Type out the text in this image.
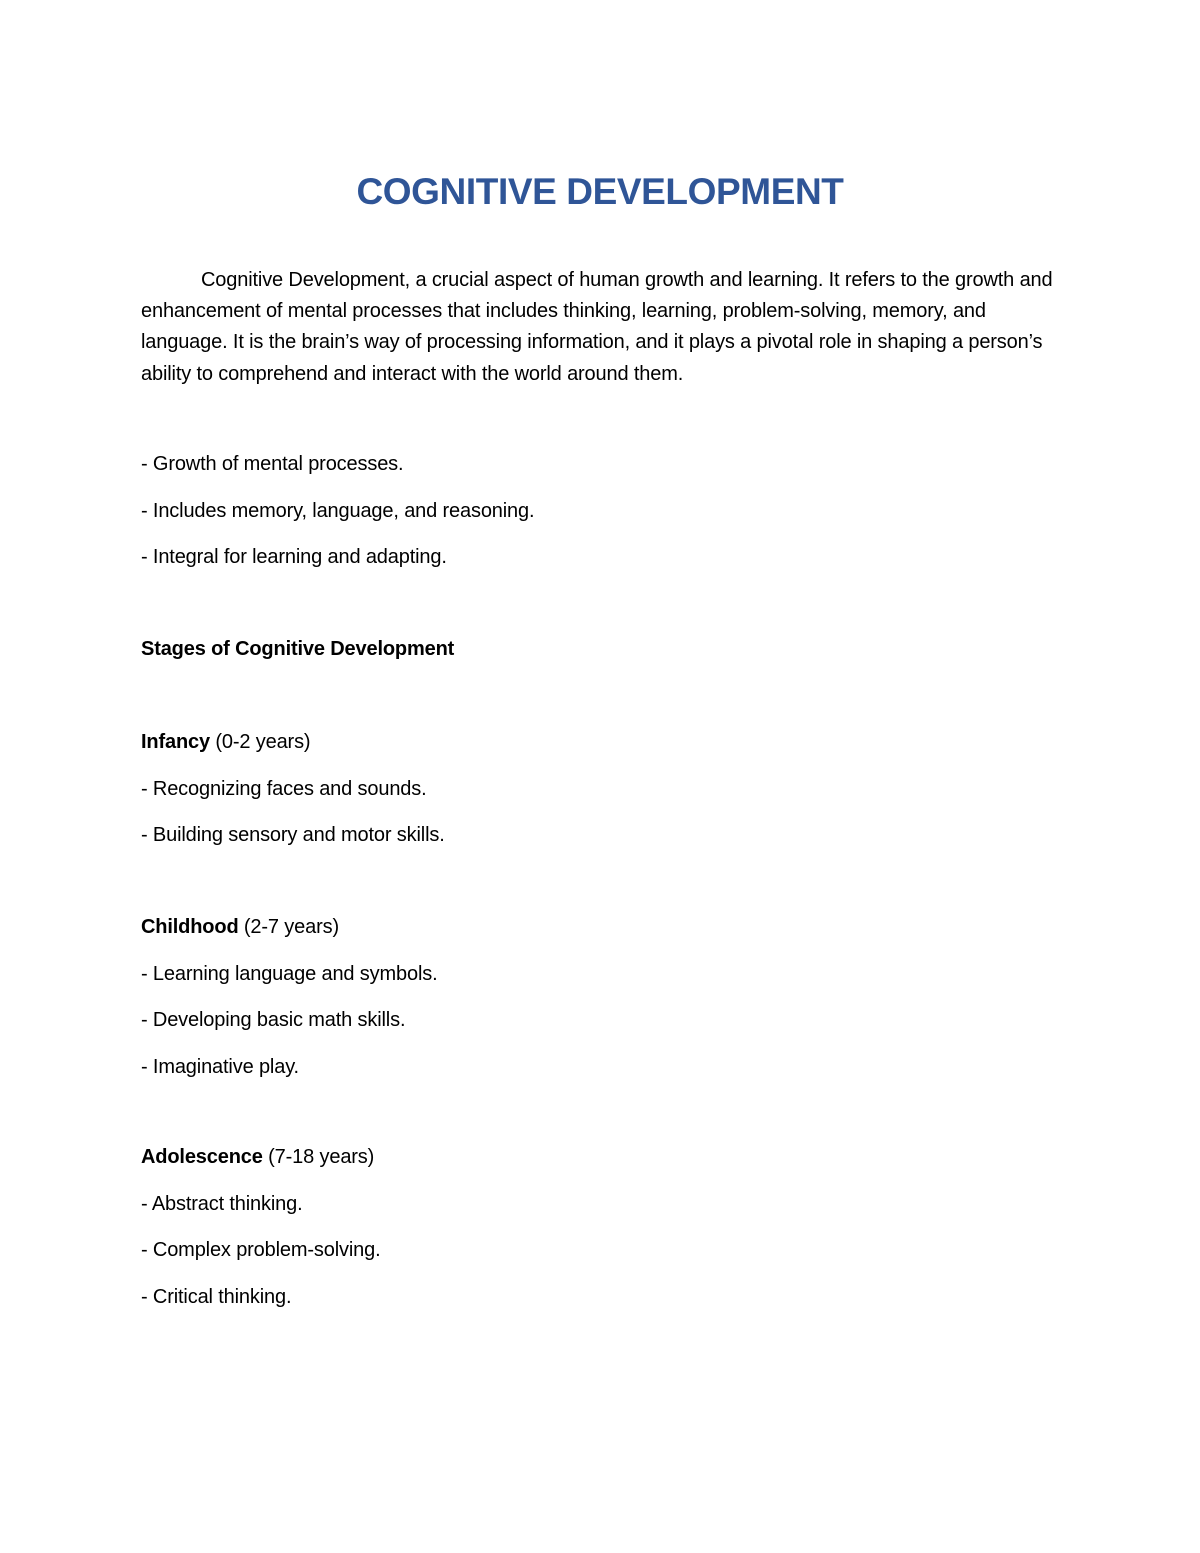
COGNITIVE DEVELOPMENT
Cognitive Development, a crucial aspect of human growth and learning. It refers to the growth and enhancement of mental processes that includes thinking, learning, problem-solving, memory, and language. It is the brain’s way of processing information, and it plays a pivotal role in shaping a person’s ability to comprehend and interact with the world around them.
- Growth of mental processes.
- Includes memory, language, and reasoning.
- Integral for learning and adapting.
Stages of Cognitive Development
Infancy (0-2 years)
- Recognizing faces and sounds.
- Building sensory and motor skills.
Childhood (2-7 years)
- Learning language and symbols.
- Developing basic math skills.
- Imaginative play.
Adolescence (7-18 years)
- Abstract thinking.
- Complex problem-solving.
- Critical thinking.
